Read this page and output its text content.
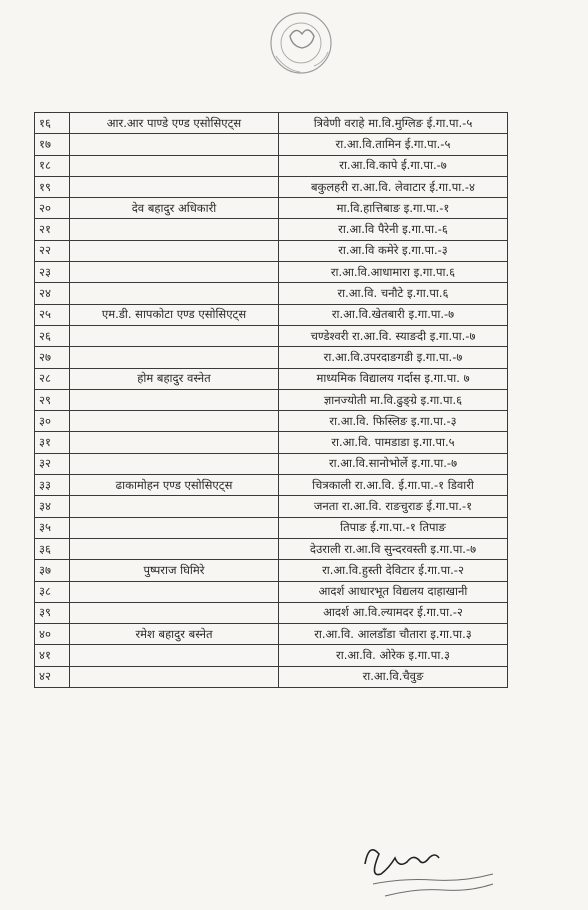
१६	आर.आर पाण्डे एण्ड एसोसिएट्स	त्रिवेणी वराहे मा.वि.मुग्लिङ ई.गा.पा.-५
१७		रा.आ.वि.तामिन ई.गा.पा.-५
१८		रा.आ.वि.कापे ई.गा.पा.-७
१९		बकुलहरी रा.आ.वि. लेवाटार ई.गा.पा.-४
२०	देव बहादुर अधिकारी	मा.वि.हात्तिबाङ इ.गा.पा.-१
२१		रा.आ.वि पैरेनी इ.गा.पा.-६
२२		रा.आ.वि कमेरे इ.गा.पा.-३
२३		रा.आ.वि.आधामारा इ.गा.पा.६
२४		रा.आ.वि. चनौटे इ.गा.पा.६
२५	एम.डी. सापकोटा एण्ड एसोसिएट्स	रा.आ.वि.खेतबारी इ.गा.पा.-७
२६		चण्डेश्वरी रा.आ.वि. स्याङदी इ.गा.पा.-७
२७		रा.आ.वि.उपरदाङगडी इ.गा.पा.-७
२८	होम बहादुर वस्नेत	माध्यमिक विद्यालय गर्दास इ.गा.पा. ७
२९		ज्ञानज्योती मा.वि.ढुङ्ग्रे इ.गा.पा.६
३०		रा.आ.वि. फिस्लिङ इ.गा.पा.-३
३१		रा.आ.वि. पामडाडा इ.गा.पा.५
३२		रा.आ.वि.सानोभोर्ले इ.गा.पा.-७
३३	ढाकामोहन एण्ड एसोसिएट्स	चित्रकाली रा.आ.वि. ई.गा.पा.-१ डिवारी
३४		जनता रा.आ.वि. राङचुराङ ई.गा.पा.-१
३५		तिपाङ ई.गा.पा.-१ तिपाङ
३६		देउराली रा.आ.वि सुन्दरवस्ती इ.गा.पा.-७
३७	पुष्पराज घिमिरे	रा.आ.वि.हुस्ती देविटार ई.गा.पा.-२
३८		आदर्श आधारभूत विद्यलय दाहाखानी
३९		आदर्श आ.वि.ल्यामदर ई.गा.पा.-२
४०	रमेश बहादुर बस्नेत	रा.आ.वि. आलडाँडा चौतारा इ.गा.पा.३
४१		रा.आ.वि. ओरेक इ.गा.पा.३
४२		रा.आ.वि.चैवुङ
